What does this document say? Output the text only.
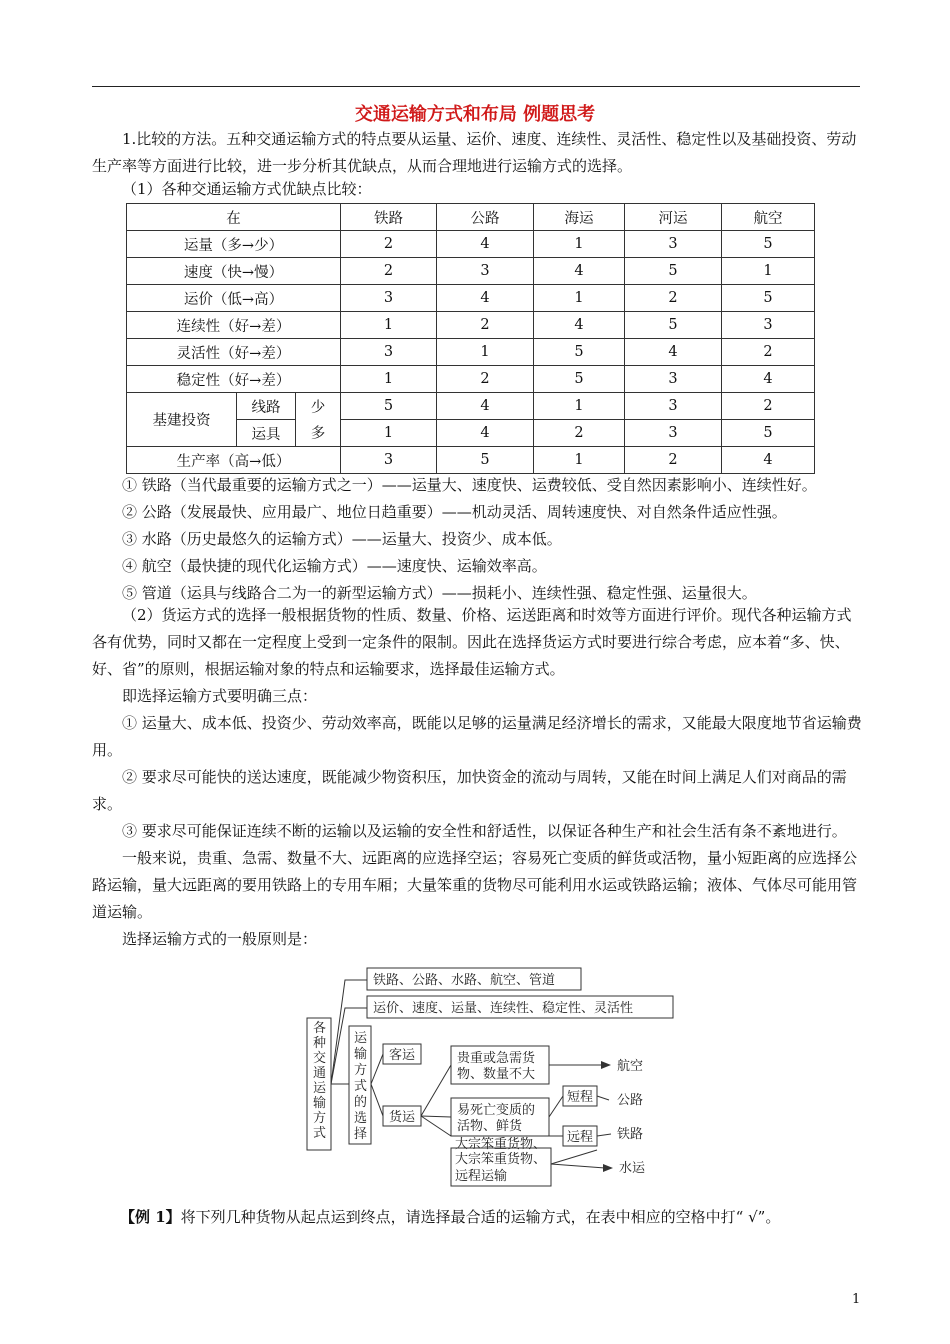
交通运输方式和布局 例题思考

1.比较的方法。五种交通运输方式的特点要从运量、运价、速度、连续性、灵活性、稳定性以及基础投资、劳动生产率等方面进行比较，进一步分析其优缺点，从而合理地进行运输方式的选择。

（1）各种交通运输方式优缺点比较：

在			铁路	公路	海运	河运	航空
运量（多→少）			2	4	1	3	5
速度（快→慢）			2	3	4	5	1
运价（低→高）			3	4	1	2	5
连续性（好→差）			1	2	4	5	3
灵活性（好→差）			3	1	5	4	2
稳定性（好→差）			1	2	5	3	4
基建投资	线路	少	5	4	1	3	2
	运具	多	1	4	2	3	5
生产率（高→低）			3	5	1	2	4

① 铁路（当代最重要的运输方式之一）——运量大、速度快、运费较低、受自然因素影响小、连续性好。

② 公路（发展最快、应用最广、地位日趋重要）——机动灵活、周转速度快、对自然条件适应性强。

③ 水路（历史最悠久的运输方式）——运量大、投资少、成本低。

④ 航空（最快捷的现代化运输方式）——速度快、运输效率高。

⑤ 管道（运具与线路合二为一的新型运输方式）——损耗小、连续性强、稳定性强、运量很大。

（2）货运方式的选择一般根据货物的性质、数量、价格、运送距离和时效等方面进行评价。现代各种运输方式各有优势，同时又都在一定程度上受到一定条件的限制。因此在选择货运方式时要进行综合考虑，应本着“多、快、好、省”的原则，根据运输对象的特点和运输要求，选择最佳运输方式。

即选择运输方式要明确三点：

① 运量大、成本低、投资少、劳动效率高，既能以足够的运量满足经济增长的需求，又能最大限度地节省运输费用。

② 要求尽可能快的送达速度，既能减少物资积压，加快资金的流动与周转，又能在时间上满足人们对商品的需求。

③ 要求尽可能保证连续不断的运输以及运输的安全性和舒适性，以保证各种生产和社会生活有条不紊地进行。

一般来说，贵重、急需、数量不大、远距离的应选择空运；容易死亡变质的鲜货或活物，量小短距离的应选择公路运输，量大远距离的要用铁路上的专用车厢；大量笨重的货物尽可能利用水运或铁路运输；液体、气体尽可能用管道运输。

选择运输方式的一般原则是：

各
种
交
通
运
输
方
式
铁路、公路、水路、航空、管道
运价、速度、运量、连续性、稳定性、灵活性
运
输
方
式
的
选
择
客运
货运
贵重或急需货
物、数量不大
易死亡变质的
活物、鲜货
大宗笨重货物、
短程
远程
航空
公路
铁路
大宗笨重货物、
远程运输
水运

【例 1】将下列几种货物从起点运到终点，请选择最合适的运输方式，在表中相应的空格中打“ √”。

1
